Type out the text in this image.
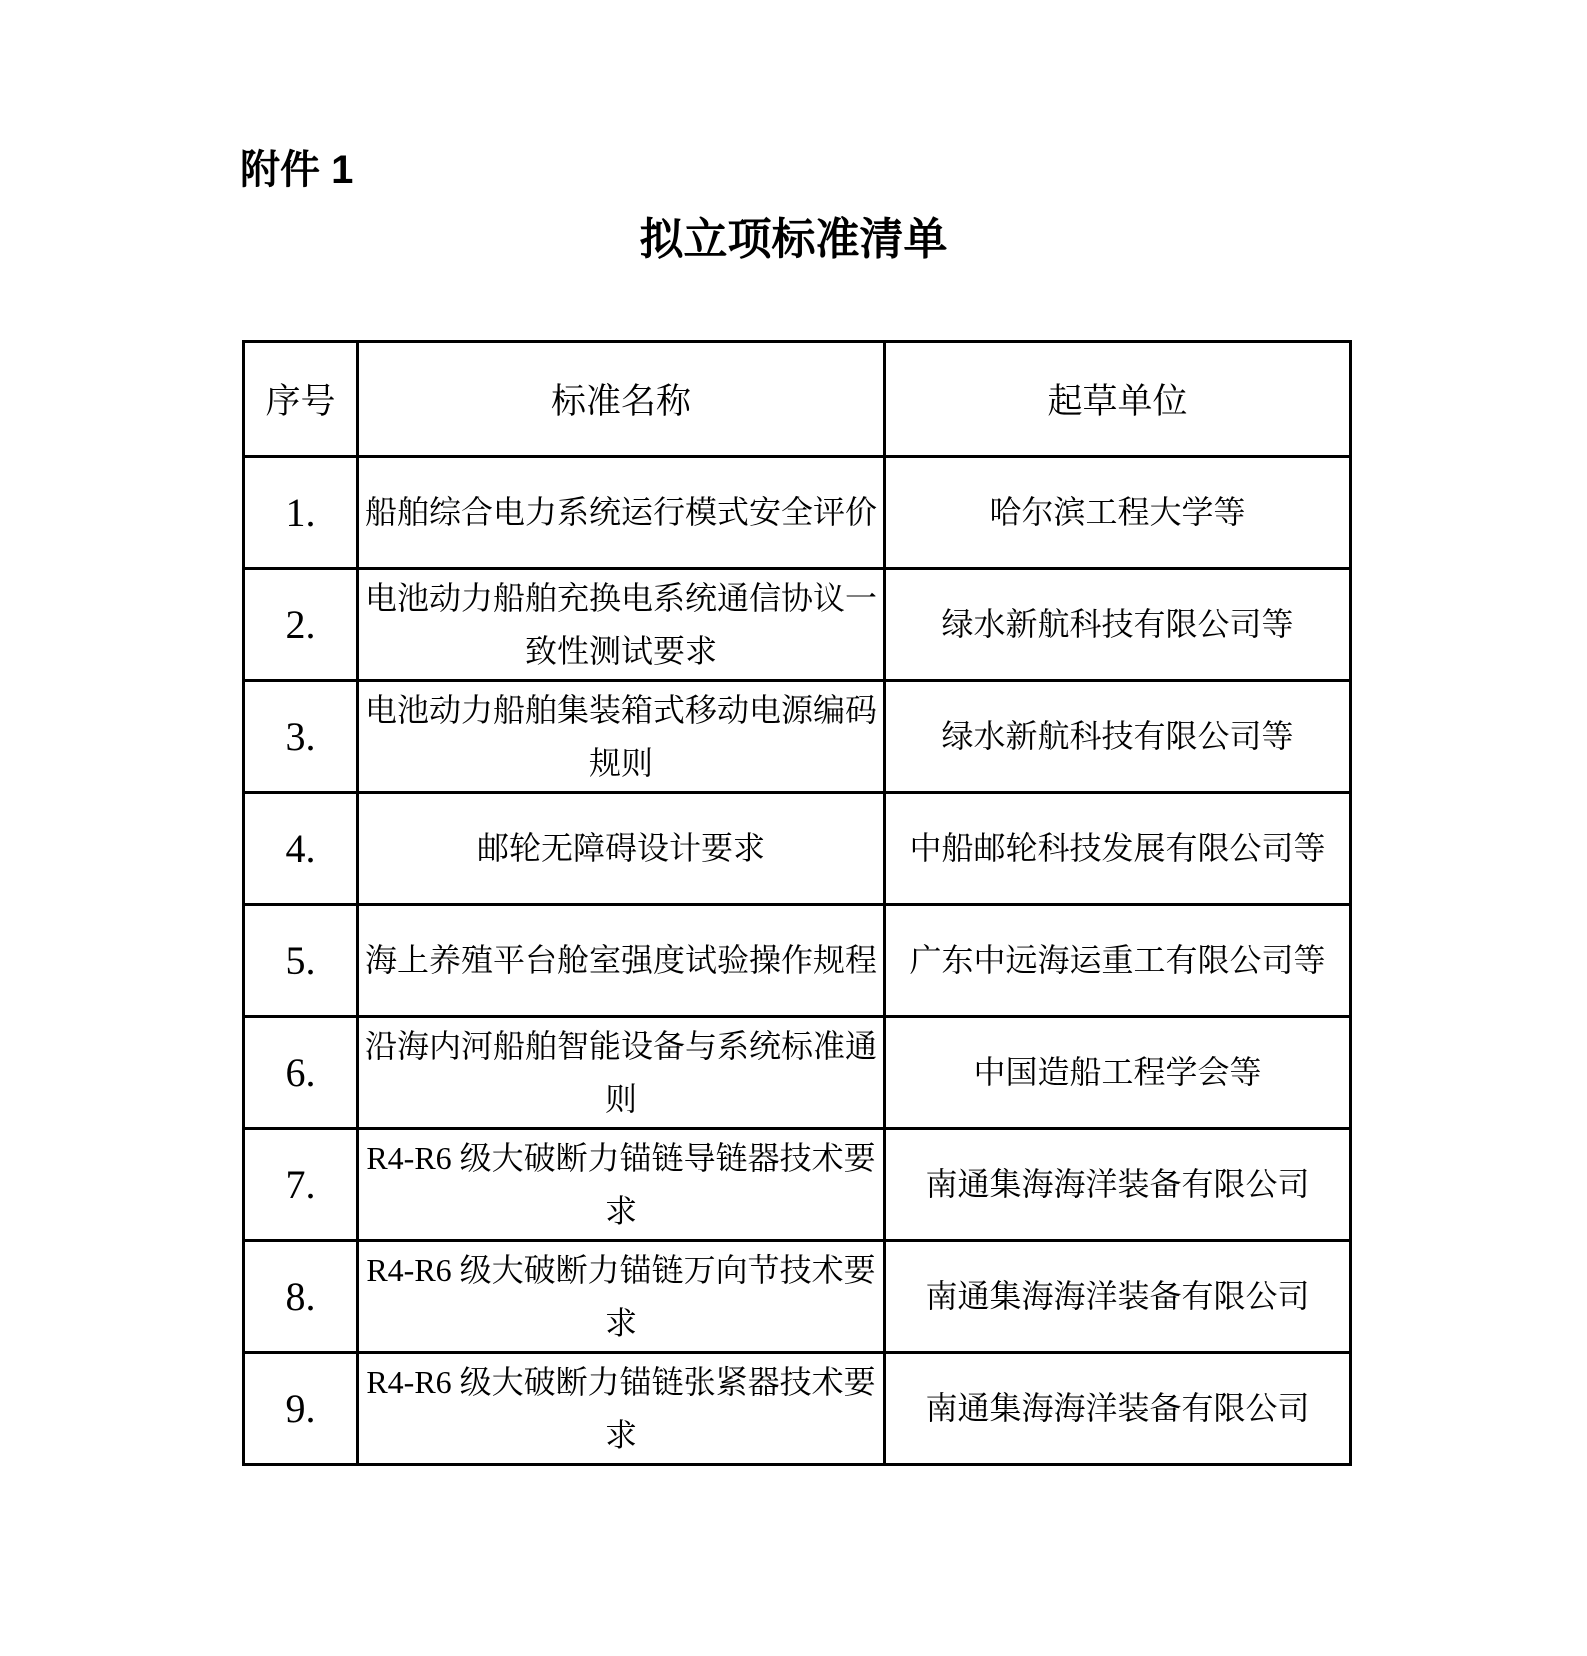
附件 1
拟立项标准清单
序号	标准名称	起草单位
1.	船舶综合电力系统运行模式安全评价	哈尔滨工程大学等
2.	电池动力船舶充换电系统通信协议一致性测试要求	绿水新航科技有限公司等
3.	电池动力船舶集装箱式移动电源编码规则	绿水新航科技有限公司等
4.	邮轮无障碍设计要求	中船邮轮科技发展有限公司等
5.	海上养殖平台舱室强度试验操作规程	广东中远海运重工有限公司等
6.	沿海内河船舶智能设备与系统标准通则	中国造船工程学会等
7.	R4-R6 级大破断力锚链导链器技术要求	南通集海海洋装备有限公司
8.	R4-R6 级大破断力锚链万向节技术要求	南通集海海洋装备有限公司
9.	R4-R6 级大破断力锚链张紧器技术要求	南通集海海洋装备有限公司
